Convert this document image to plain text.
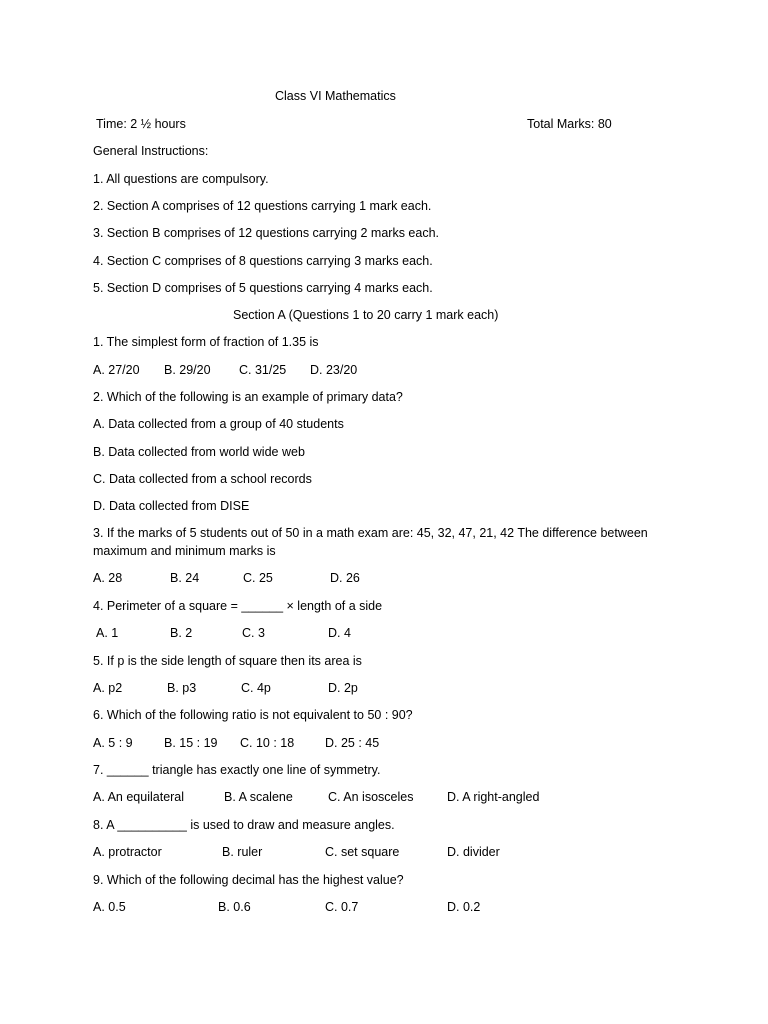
Class VI Mathematics
Time: 2 ½ hours	Total Marks: 80
General Instructions:
1. All questions are compulsory.
2. Section A comprises of 12 questions carrying 1 mark each.
3. Section B comprises of 12 questions carrying 2 marks each.
4. Section C comprises of 8 questions carrying 3 marks each.
5. Section D comprises of 5 questions carrying 4 marks each.
Section A (Questions 1 to 20 carry 1 mark each)
1. The simplest form of fraction of 1.35 is
A. 27/20 B. 29/20 C. 31/25 D. 23/20
2. Which of the following is an example of primary data?
A. Data collected from a group of 40 students
B. Data collected from world wide web
C. Data collected from a school records
D. Data collected from DISE
3. If the marks of 5 students out of 50 in a math exam are: 45, 32, 47, 21, 42 The difference between maximum and minimum marks is
A. 28	B. 24	C. 25	D. 26
4. Perimeter of a square = ______ × length of a side
A. 1	B. 2	C. 3	D. 4
5. If p is the side length of square then its area is
A. p2	B. p3	C. 4p	D. 2p
6. Which of the following ratio is not equivalent to 50 : 90?
A. 5 : 9	B. 15 : 19 C. 10 : 18 D. 25 : 45
7. ______ triangle has exactly one line of symmetry.
A. An equilateral	B. A scalene	C. An isosceles	D. A right-angled
8. A __________ is used to draw and measure angles.
A. protractor	B. ruler	C. set square	D. divider
9. Which of the following decimal has the highest value?
A. 0.5	B. 0.6	C. 0.7	D. 0.2
